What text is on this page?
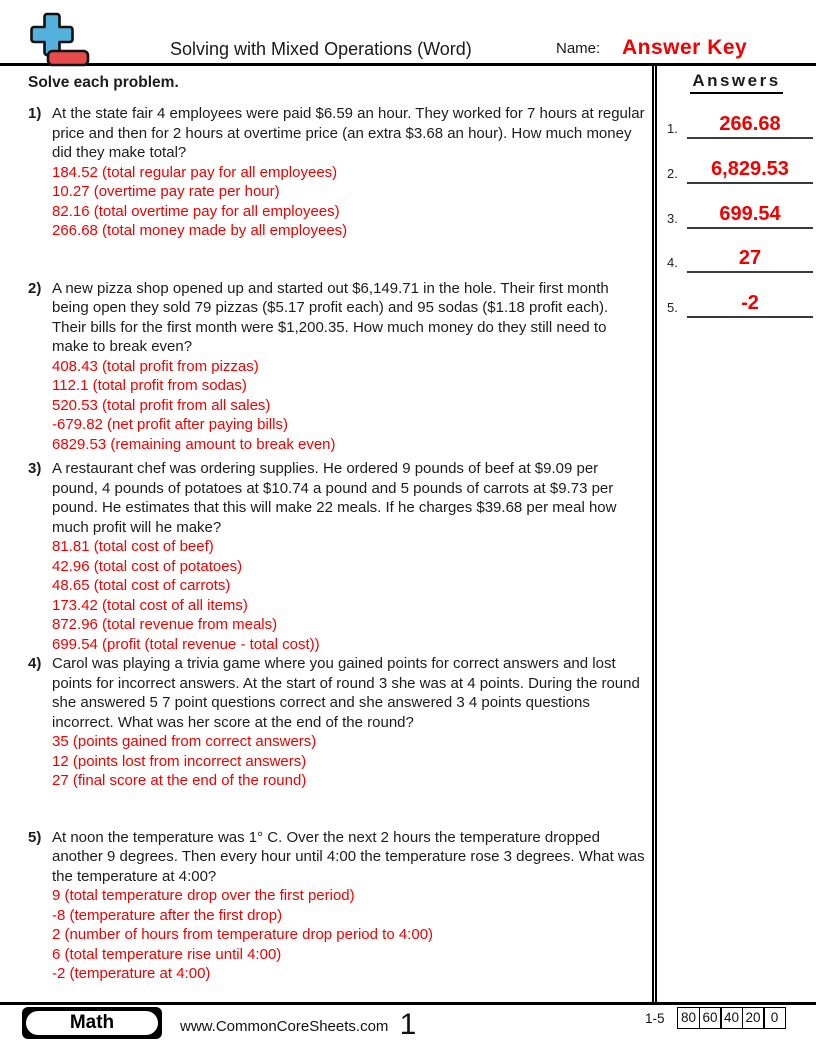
Solving with Mixed Operations (Word)	Name: Answer Key
Solve each problem.
1) At the state fair 4 employees were paid $6.59 an hour. They worked for 7 hours at regular price and then for 2 hours at overtime price (an extra $3.68 an hour). How much money did they make total?
184.52 (total regular pay for all employees)
10.27 (overtime pay rate per hour)
82.16 (total overtime pay for all employees)
266.68 (total money made by all employees)
2) A new pizza shop opened up and started out $6,149.71 in the hole. Their first month being open they sold 79 pizzas ($5.17 profit each) and 95 sodas ($1.18 profit each). Their bills for the first month were $1,200.35. How much money do they still need to make to break even?
408.43 (total profit from pizzas)
112.1 (total profit from sodas)
520.53 (total profit from all sales)
-679.82 (net profit after paying bills)
6829.53 (remaining amount to break even)
3) A restaurant chef was ordering supplies. He ordered 9 pounds of beef at $9.09 per pound, 4 pounds of potatoes at $10.74 a pound and 5 pounds of carrots at $9.73 per pound. He estimates that this will make 22 meals. If he charges $39.68 per meal how much profit will he make?
81.81 (total cost of beef)
42.96 (total cost of potatoes)
48.65 (total cost of carrots)
173.42 (total cost of all items)
872.96 (total revenue from meals)
699.54 (profit (total revenue - total cost))
4) Carol was playing a trivia game where you gained points for correct answers and lost points for incorrect answers. At the start of round 3 she was at 4 points. During the round she answered 5 7 point questions correct and she answered 3 4 points questions incorrect. What was her score at the end of the round?
35 (points gained from correct answers)
12 (points lost from incorrect answers)
27 (final score at the end of the round)
5) At noon the temperature was 1° C. Over the next 2 hours the temperature dropped another 9 degrees. Then every hour until 4:00 the temperature rose 3 degrees. What was the temperature at 4:00?
9 (total temperature drop over the first period)
-8 (temperature after the first drop)
2 (number of hours from temperature drop period to 4:00)
6 (total temperature rise until 4:00)
-2 (temperature at 4:00)
Answers
1.	266.68
2.	6,829.53
3.	699.54
4.	27
5.	-2
Math	www.CommonCoreSheets.com 1	1-5 80 60 40 20 0
